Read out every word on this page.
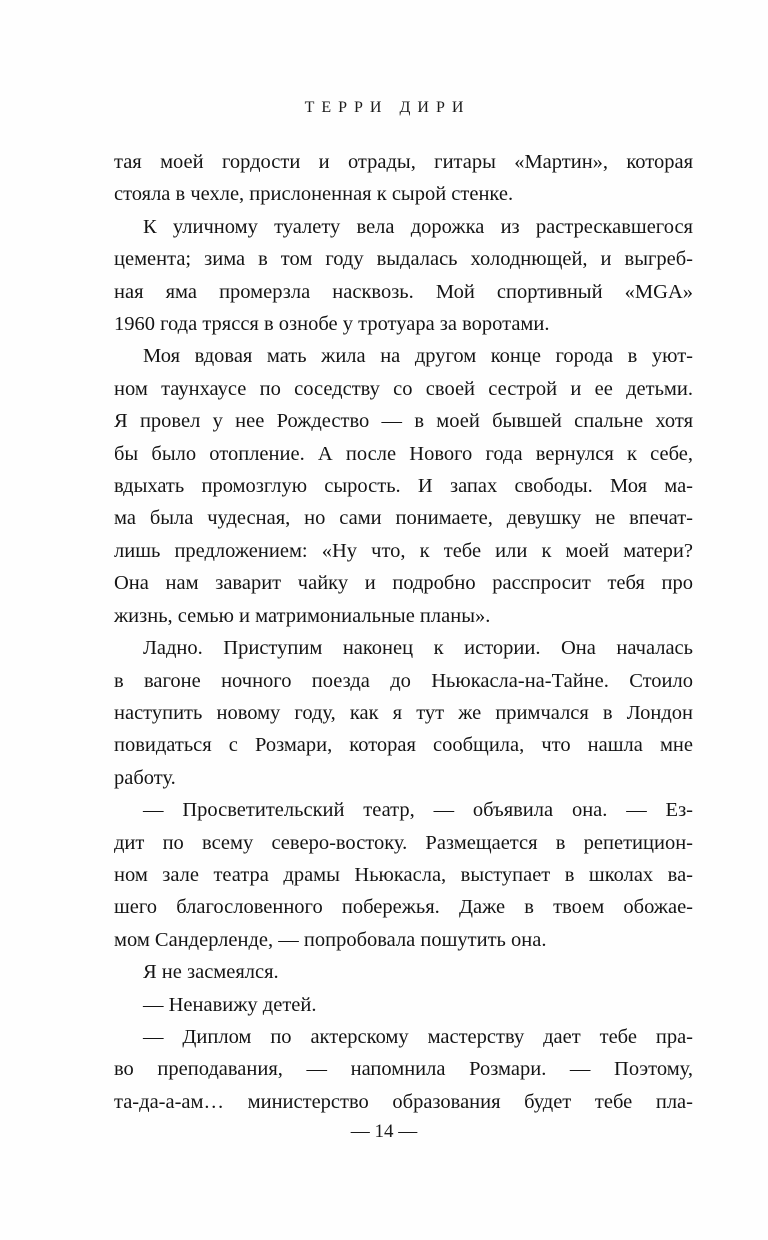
ТЕРРИ ДИРИ
тая моей гордости и отрады, гитары «Мартин», которая
стояла в чехле, прислоненная к сырой стенке.
К уличному туалету вела дорожка из растрескавшегося
цемента; зима в том году выдалась холоднющей, и выгреб-
ная яма промерзла насквозь. Мой спортивный «MGA»
1960 года трясся в ознобе у тротуара за воротами.
Моя вдовая мать жила на другом конце города в уют-
ном таунхаусе по соседству со своей сестрой и ее детьми.
Я провел у нее Рождество — в моей бывшей спальне хотя
бы было отопление. А после Нового года вернулся к себе,
вдыхать промозглую сырость. И запах свободы. Моя ма-
ма была чудесная, но сами понимаете, девушку не впечат-
лишь предложением: «Ну что, к тебе или к моей матери?
Она нам заварит чайку и подробно расспросит тебя про
жизнь, семью и матримониальные планы».
Ладно. Приступим наконец к истории. Она началась
в вагоне ночного поезда до Ньюкасла-на-Тайне. Стоило
наступить новому году, как я тут же примчался в Лондон
повидаться с Розмари, которая сообщила, что нашла мне
работу.
— Просветительский театр, — объявила она. — Ез-
дит по всему северо-востоку. Размещается в репетицион-
ном зале театра драмы Ньюкасла, выступает в школах ва-
шего благословенного побережья. Даже в твоем обожае-
мом Сандерленде, — попробовала пошутить она.
Я не засмеялся.
— Ненавижу детей.
— Диплом по актерскому мастерству дает тебе пра-
во преподавания, — напомнила Розмари. — Поэтому,
та-да-а-ам… министерство образования будет тебе пла-
— 14 —
